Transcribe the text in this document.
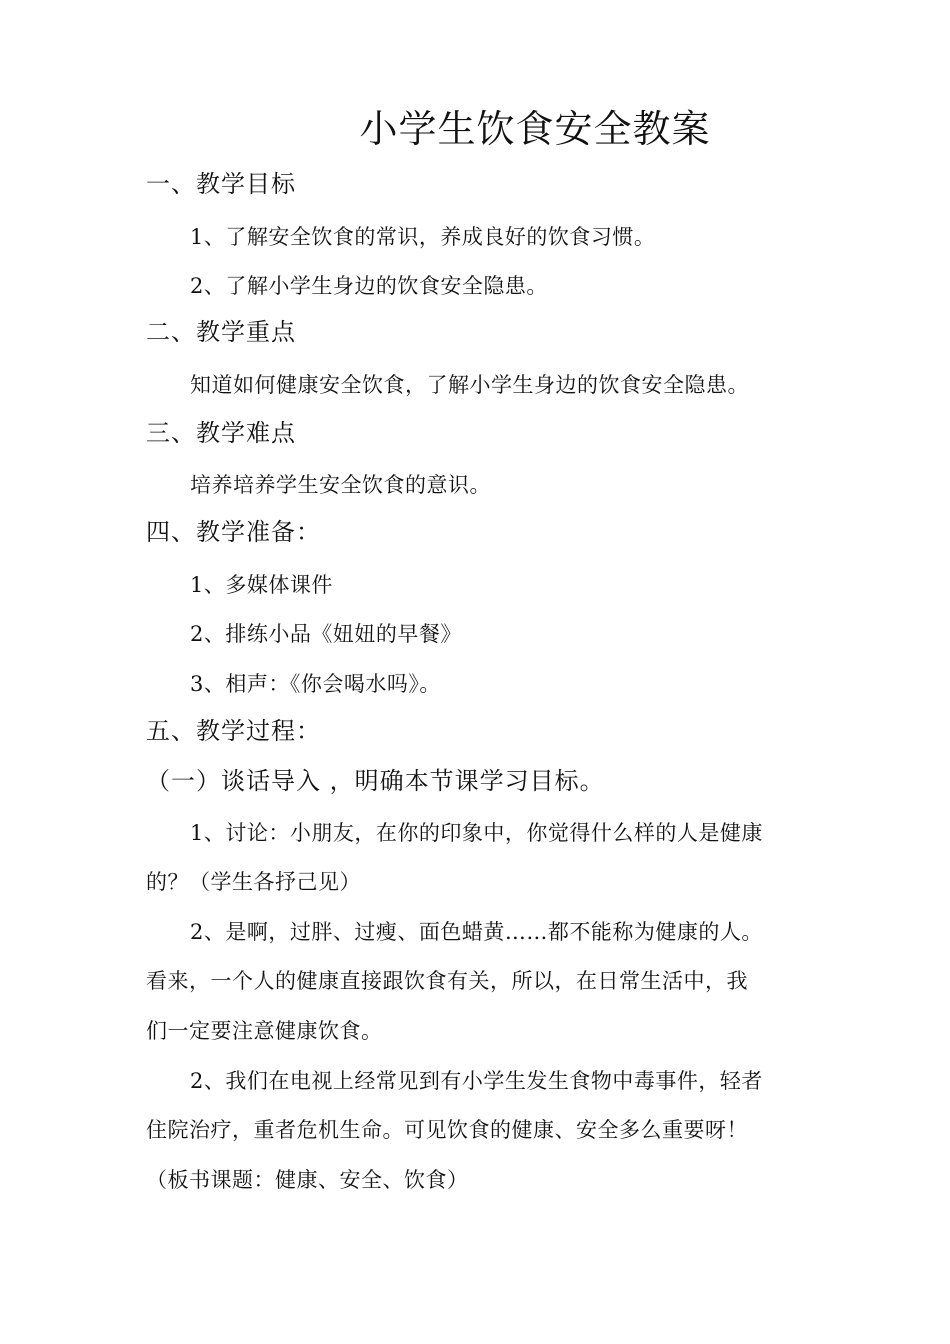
小学生饮食安全教案
一、教学目标
1、了解安全饮食的常识，养成良好的饮食习惯。
2、了解小学生身边的饮食安全隐患。
二、教学重点
知道如何健康安全饮食，了解小学生身边的饮食安全隐患。
三、教学难点
培养培养学生安全饮食的意识。
四、教学准备：
1、多媒体课件
2、排练小品《妞妞的早餐》
3、相声：《你会喝水吗》。
五、教学过程：
（一）谈话导入 ，明确本节课学习目标。
1、讨论：小朋友，在你的印象中，你觉得什么样的人是健康
的？（学生各抒己见）
2、是啊，过胖、过瘦、面色蜡黄……都不能称为健康的人。
看来，一个人的健康直接跟饮食有关，所以，在日常生活中，我
们一定要注意健康饮食。
2、我们在电视上经常见到有小学生发生食物中毒事件，轻者
住院治疗，重者危机生命。可见饮食的健康、安全多么重要呀！
（板书课题：健康、安全、饮食）
